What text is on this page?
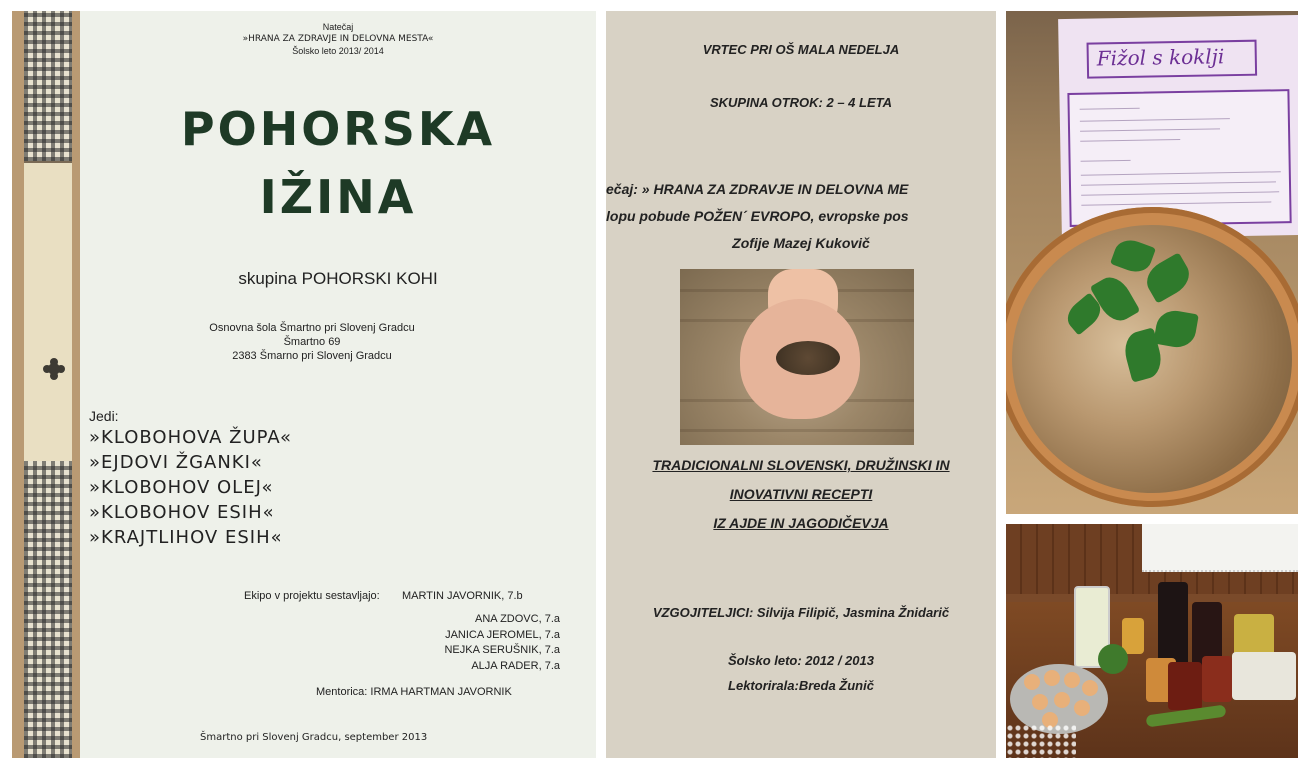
Natečaj
»HRANA ZA ZDRAVJE IN DELOVNA MESTA«
Šolsko leto 2013/ 2014
POHORSKA
IŽINA
skupina POHORSKI KOHI
Osnovna šola Šmartno pri Slovenj Gradcu
Šmartno 69
2383 Šmarno pri Slovenj Gradcu
Jedi:
»KLOBOHOVA ŽUPA«
»EJDOVI ŽGANKI«
»KLOBOHOV OLEJ«
»KLOBOHOV ESIH«
»KRAJTLIHOV ESIH«
Ekipo v projektu sestavljajo: MARTIN JAVORNIK, 7.b
ANA ZDOVC, 7.a
JANICA JEROMEL, 7.a
NEJKA SERUŠNIK, 7.a
ALJA RADER, 7.a
Mentorica: IRMA HARTMAN JAVORNIK
Šmartno pri Slovenj Gradcu, september 2013
VRTEC PRI OŠ MALA NEDELJA
SKUPINA OTROK: 2 – 4 LETA
ečaj: » HRANA ZA ZDRAVJE IN DELOVNA ME
lopu pobude POŽEN´ EVROPO, evropske pos
Zofije Mazej Kukovič
TRADICIONALNI SLOVENSKI, DRUŽINSKI IN
INOVATIVNI RECEPTI
IZ AJDE IN JAGODIČEVJA
VZGOJITELJICI: Silvija Filipič, Jasmina Žnidarič
Šolsko leto: 2012 / 2013
Lektorirala:Breda Žunič
Fižol s koklji
